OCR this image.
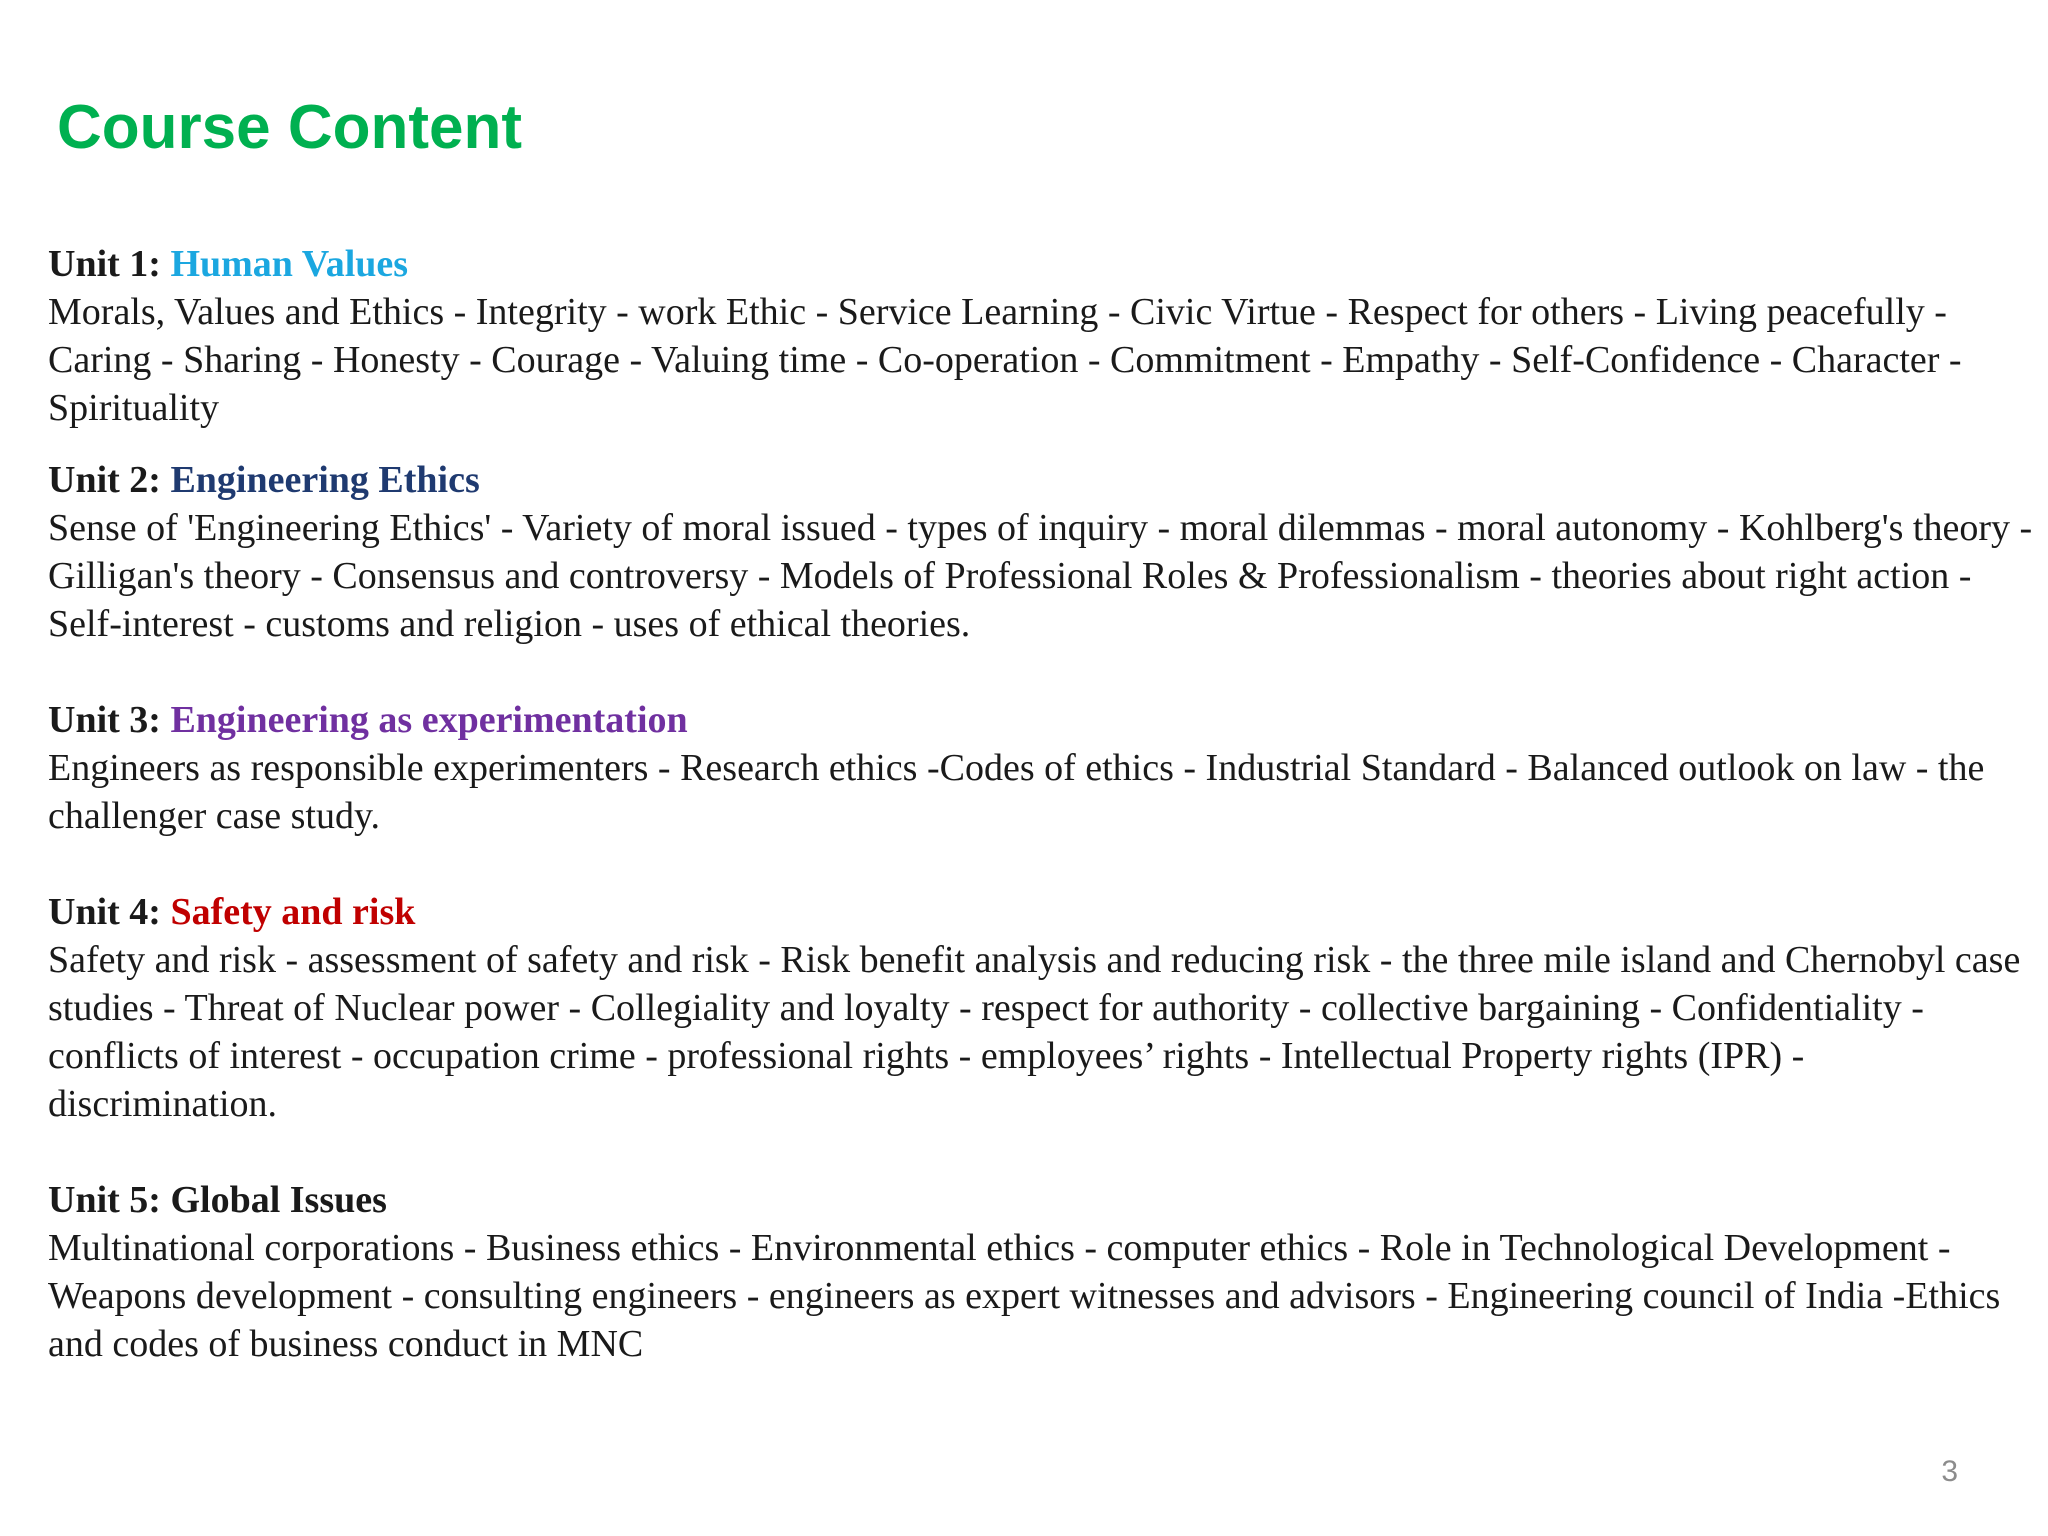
Course Content

Unit 1: Human Values

Morals, Values and Ethics - Integrity - work Ethic - Service Learning - Civic Virtue - Respect for others - Living peacefully - Caring - Sharing - Honesty - Courage - Valuing time - Co-operation - Commitment - Empathy - Self-Confidence - Character - Spirituality

Unit 2: Engineering Ethics

Sense of 'Engineering Ethics' - Variety of moral issued - types of inquiry - moral dilemmas - moral autonomy - Kohlberg's theory - Gilligan's theory - Consensus and controversy - Models of Professional Roles & Professionalism - theories about right action - Self-interest - customs and religion - uses of ethical theories.

Unit 3: Engineering as experimentation

Engineers as responsible experimenters - Research ethics -Codes of ethics - Industrial Standard - Balanced outlook on law - the challenger case study.

Unit 4: Safety and risk

Safety and risk - assessment of safety and risk - Risk benefit analysis and reducing risk - the three mile island and Chernobyl case studies - Threat of Nuclear power - Collegiality and loyalty - respect for authority - collective bargaining - Confidentiality - conflicts of interest - occupation crime - professional rights - employees’ rights - Intellectual Property rights (IPR) - discrimination.

Unit 5: Global Issues

Multinational corporations - Business ethics - Environmental ethics - computer ethics - Role in Technological Development - Weapons development - consulting engineers - engineers as expert witnesses and advisors - Engineering council of India -Ethics and codes of business conduct in MNC

3
